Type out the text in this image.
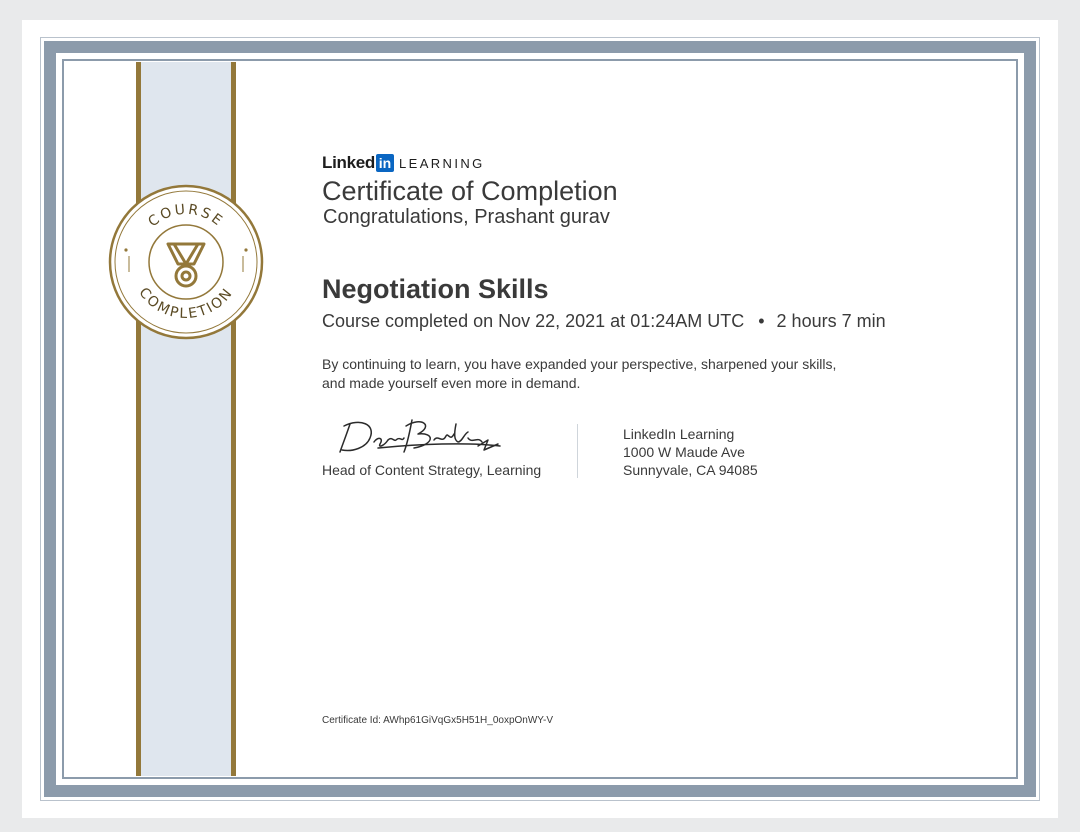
COURSE
COMPLETION
Linked in LEARNING
Certificate of Completion
Congratulations, Prashant gurav
Negotiation Skills
Course completed on Nov 22, 2021 at 01:24AM UTC • 2 hours 7 min
By continuing to learn, you have expanded your perspective, sharpened your skills, and made yourself even more in demand.
Head of Content Strategy, Learning
LinkedIn Learning
1000 W Maude Ave
Sunnyvale, CA 94085
Certificate Id: AWhp61GiVqGx5H51H_0oxpOnWY-V
